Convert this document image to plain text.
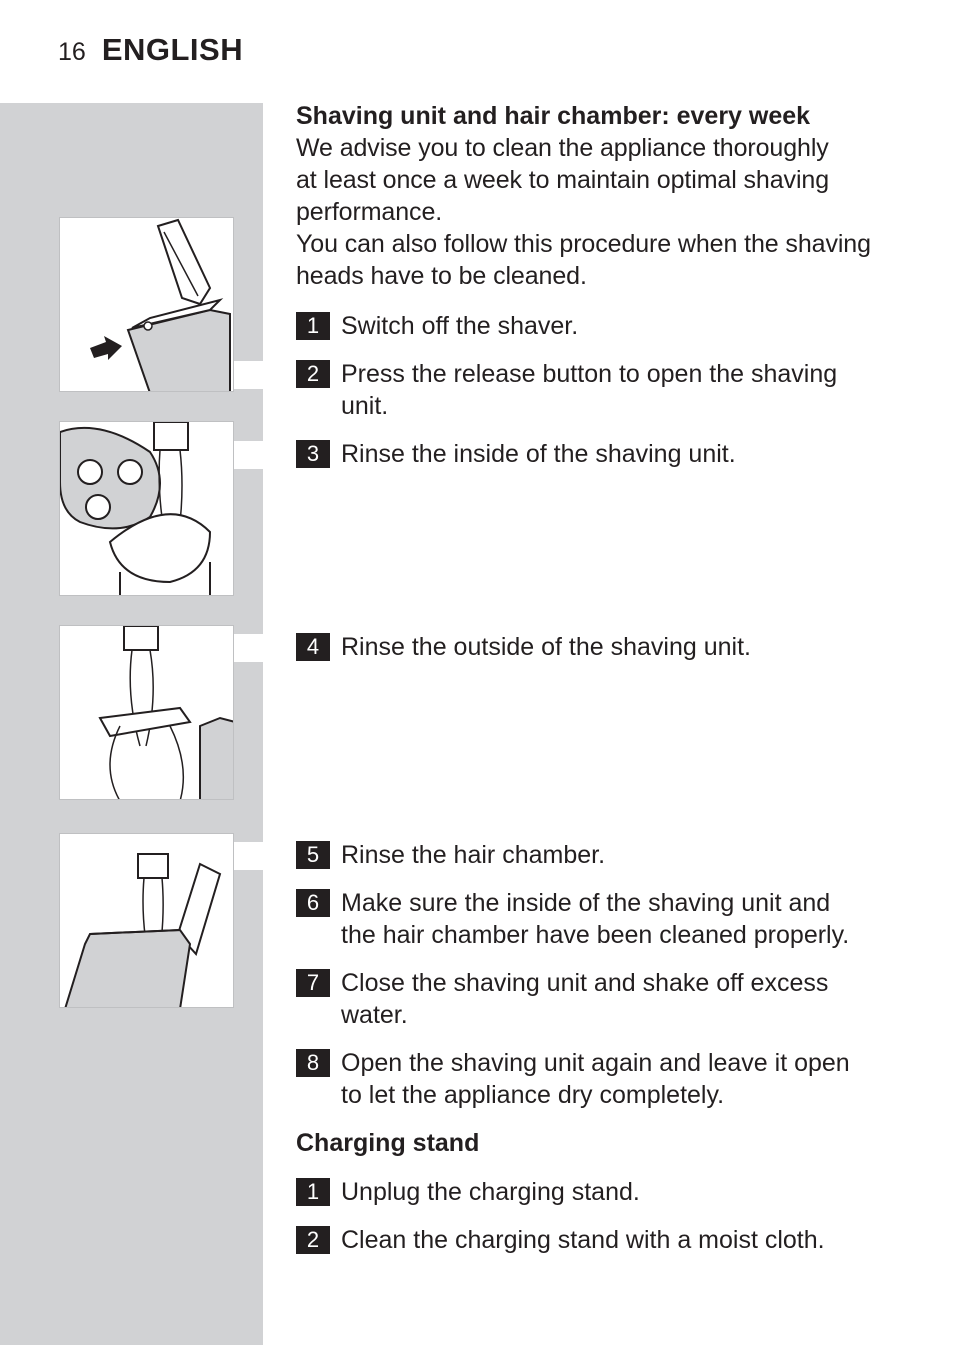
16 ENGLISH

Shaving unit and hair chamber: every week

We advise you to clean the appliance thoroughly

at least once a week to maintain optimal shaving

performance.

You can also follow this procedure when the shaving

heads have to be cleaned.

1 Switch off the shaver.
2 Press the release button to open the shaving
unit.
3 Rinse the inside of the shaving unit.
4 Rinse the outside of the shaving unit.
5 Rinse the hair chamber.
6 Make sure the inside of the shaving unit and
the hair chamber have been cleaned properly.
7 Close the shaving unit and shake off excess
water.
8 Open the shaving unit again and leave it open
to let the appliance dry completely.

Charging stand

1 Unplug the charging stand.
2 Clean the charging stand with a moist cloth.
